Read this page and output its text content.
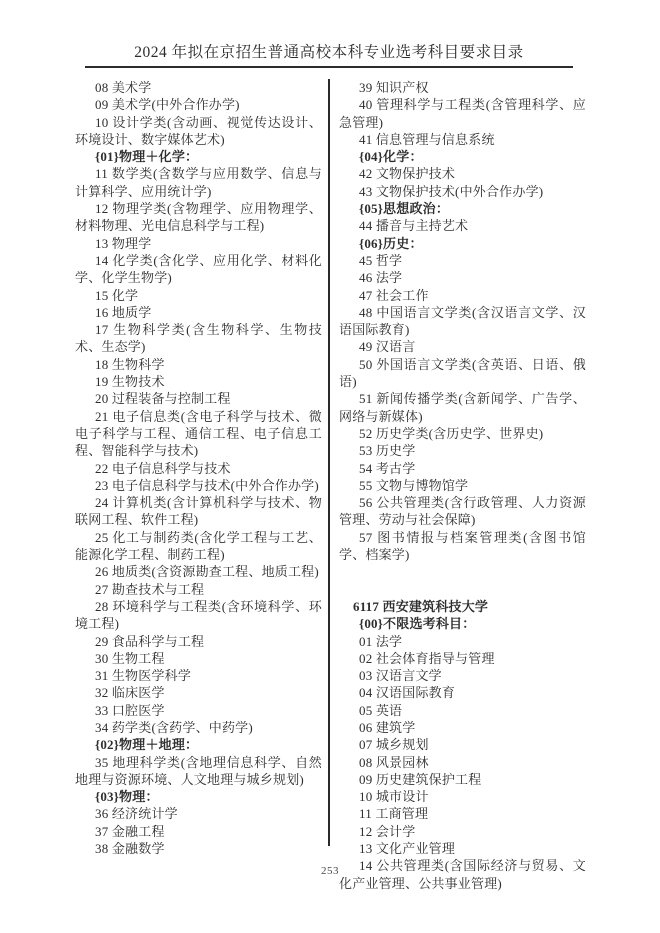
2024 年拟在京招生普通高校本科专业选考科目要求目录

08 美术学

09 美术学(中外合作办学)

10 设计学类(含动画、视觉传达设计、环境设计、数字媒体艺术)

{01}物理＋化学：

11 数学类(含数学与应用数学、信息与计算科学、应用统计学)

12 物理学类(含物理学、应用物理学、材料物理、光电信息科学与工程)

13 物理学

14 化学类(含化学、应用化学、材料化学、化学生物学)

15 化学

16 地质学

17 生物科学类(含生物科学、生物技术、生态学)

18 生物科学

19 生物技术

20 过程装备与控制工程

21 电子信息类(含电子科学与技术、微电子科学与工程、通信工程、电子信息工程、智能科学与技术)

22 电子信息科学与技术

23 电子信息科学与技术(中外合作办学)

24 计算机类(含计算机科学与技术、物联网工程、软件工程)

25 化工与制药类(含化学工程与工艺、能源化学工程、制药工程)

26 地质类(含资源勘查工程、地质工程)

27 勘查技术与工程

28 环境科学与工程类(含环境科学、环境工程)

29 食品科学与工程

30 生物工程

31 生物医学科学

32 临床医学

33 口腔医学

34 药学类(含药学、中药学)

{02}物理＋地理：

35 地理科学类(含地理信息科学、自然地理与资源环境、人文地理与城乡规划)

{03}物理：

36 经济统计学

37 金融工程

38 金融数学

39 知识产权

40 管理科学与工程类(含管理科学、应急管理)

41 信息管理与信息系统

{04}化学：

42 文物保护技术

43 文物保护技术(中外合作办学)

{05}思想政治：

44 播音与主持艺术

{06}历史：

45 哲学

46 法学

47 社会工作

48 中国语言文学类(含汉语言文学、汉语国际教育)

49 汉语言

50 外国语言文学类(含英语、日语、俄语)

51 新闻传播学类(含新闻学、广告学、网络与新媒体)

52 历史学类(含历史学、世界史)

53 历史学

54 考古学

55 文物与博物馆学

56 公共管理类(含行政管理、人力资源管理、劳动与社会保障)

57 图书情报与档案管理类(含图书馆学、档案学)

6117 西安建筑科技大学

{00}不限选考科目：

01 法学

02 社会体育指导与管理

03 汉语言文学

04 汉语国际教育

05 英语

06 建筑学

07 城乡规划

08 风景园林

09 历史建筑保护工程

10 城市设计

11 工商管理

12 会计学

13 文化产业管理

14 公共管理类(含国际经济与贸易、文化产业管理、公共事业管理)

253
